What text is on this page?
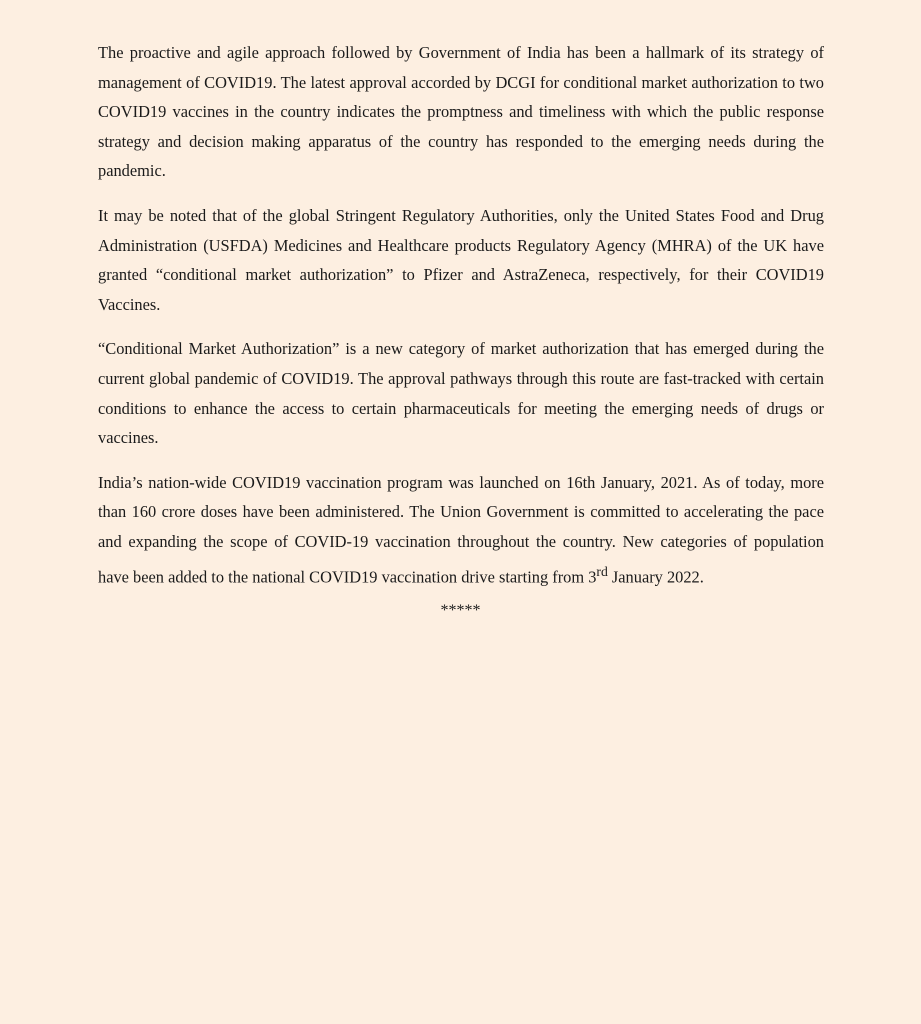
The proactive and agile approach followed by Government of India has been a hallmark of its strategy of management of COVID19. The latest approval accorded by DCGI for conditional market authorization to two COVID19 vaccines in the country indicates the promptness and timeliness with which the public response strategy and decision making apparatus of the country has responded to the emerging needs during the pandemic.

It may be noted that of the global Stringent Regulatory Authorities, only the United States Food and Drug Administration (USFDA) Medicines and Healthcare products Regulatory Agency (MHRA) of the UK have granted “conditional market authorization” to Pfizer and AstraZeneca, respectively, for their COVID19 Vaccines.

“Conditional Market Authorization” is a new category of market authorization that has emerged during the current global pandemic of COVID19. The approval pathways through this route are fast-tracked with certain conditions to enhance the access to certain pharmaceuticals for meeting the emerging needs of drugs or vaccines.

India’s nation-wide COVID19 vaccination program was launched on 16th January, 2021. As of today, more than 160 crore doses have been administered. The Union Government is committed to accelerating the pace and expanding the scope of COVID-19 vaccination throughout the country. New categories of population have been added to the national COVID19 vaccination drive starting from 3rd January 2022.

*****
